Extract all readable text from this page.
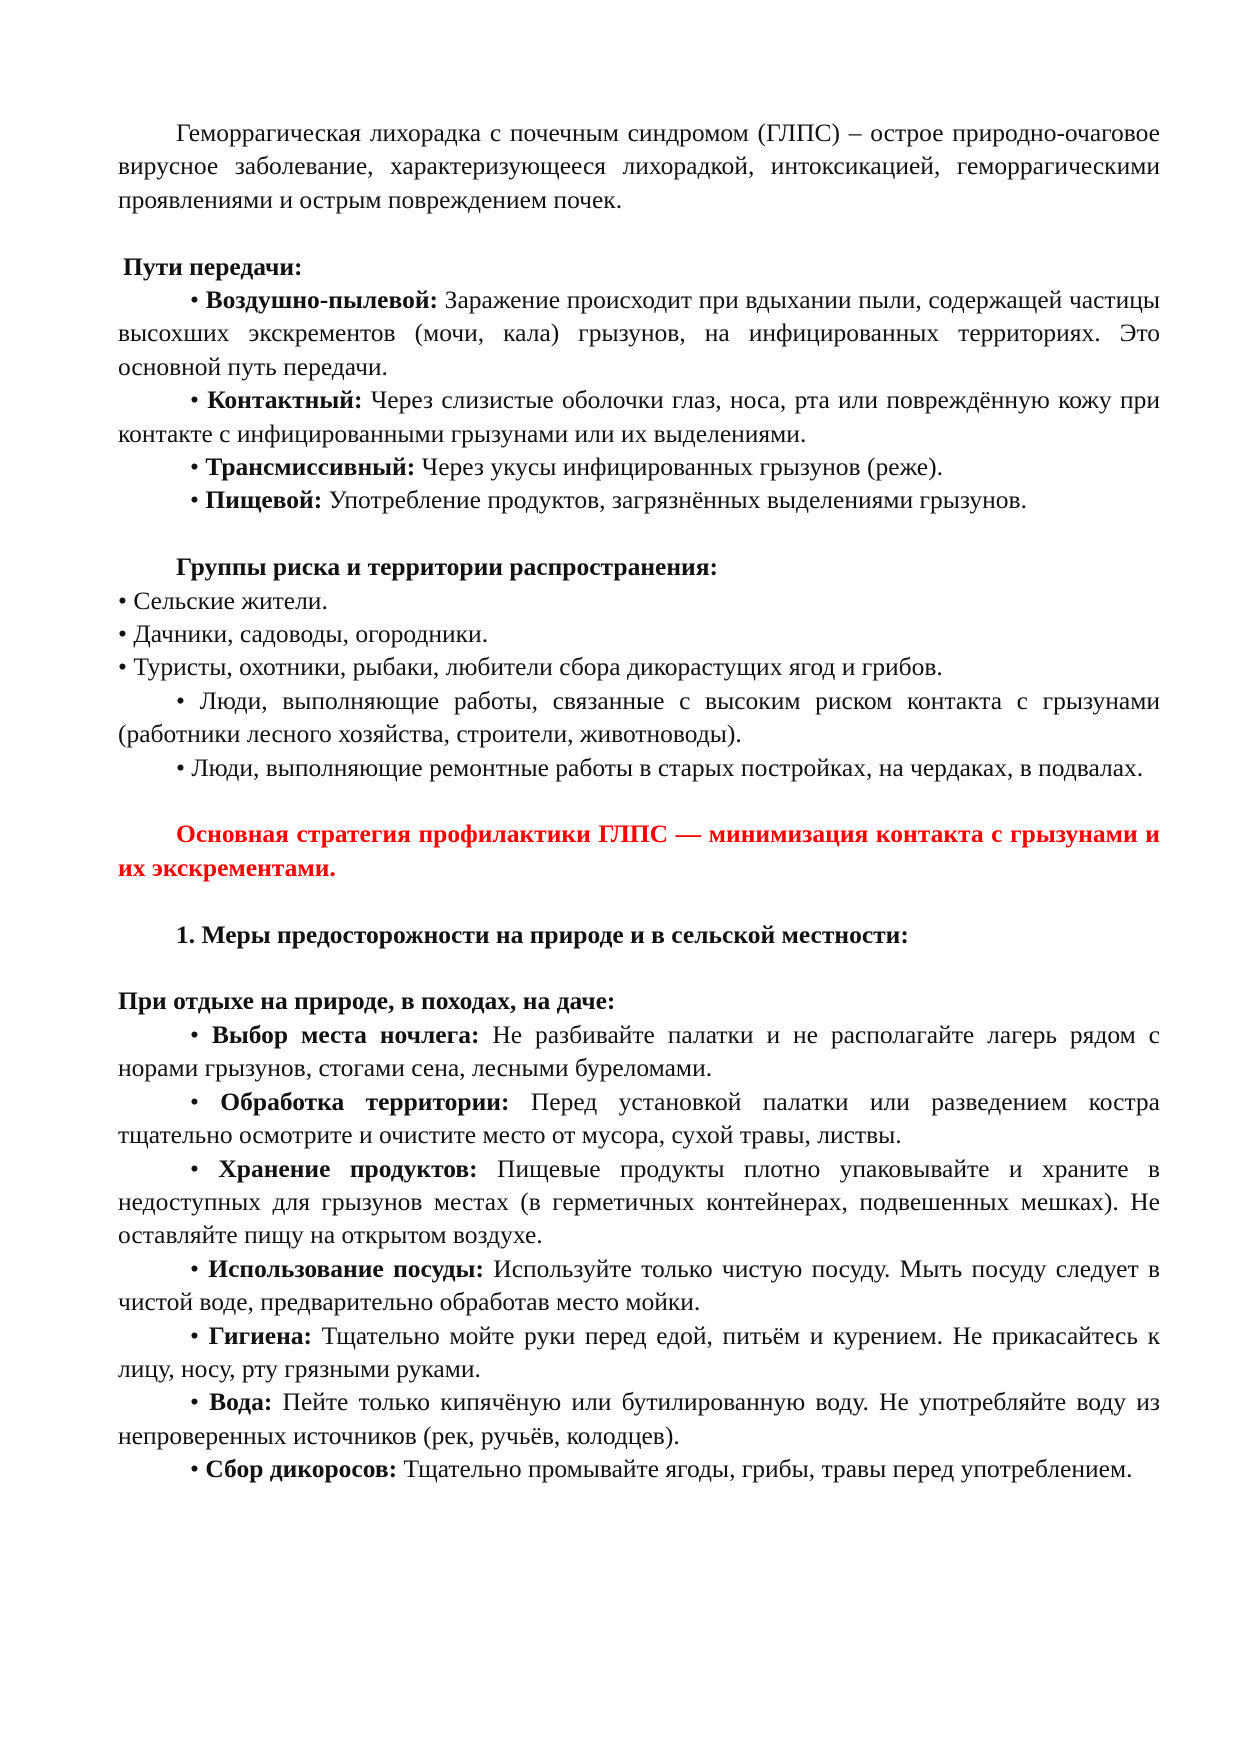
Геморрагическая лихорадка с почечным синдромом (ГЛПС) – острое природно-очаговое вирусное заболевание, характеризующееся лихорадкой, интоксикацией, геморрагическими проявлениями и острым повреждением почек.

Пути передачи:

• Воздушно-пылевой: Заражение происходит при вдыхании пыли, содержащей частицы высохших экскрементов (мочи, кала) грызунов, на инфицированных территориях. Это основной путь передачи.

• Контактный: Через слизистые оболочки глаз, носа, рта или повреждённую кожу при контакте с инфицированными грызунами или их выделениями.

• Трансмиссивный: Через укусы инфицированных грызунов (реже).

• Пищевой: Употребление продуктов, загрязнённых выделениями грызунов.

Группы риска и территории распространения:

• Сельские жители.

• Дачники, садоводы, огородники.

• Туристы, охотники, рыбаки, любители сбора дикорастущих ягод и грибов.

• Люди, выполняющие работы, связанные с высоким риском контакта с грызунами (работники лесного хозяйства, строители, животноводы).

• Люди, выполняющие ремонтные работы в старых постройках, на чердаках, в подвалах.

Основная стратегия профилактики ГЛПС — минимизация контакта с грызунами и их экскрементами.

1. Меры предосторожности на природе и в сельской местности:

При отдыхе на природе, в походах, на даче:

• Выбор места ночлега: Не разбивайте палатки и не располагайте лагерь рядом с норами грызунов, стогами сена, лесными буреломами.

• Обработка территории: Перед установкой палатки или разведением костра тщательно осмотрите и очистите место от мусора, сухой травы, листвы.

• Хранение продуктов: Пищевые продукты плотно упаковывайте и храните в недоступных для грызунов местах (в герметичных контейнерах, подвешенных мешках). Не оставляйте пищу на открытом воздухе.

• Использование посуды: Используйте только чистую посуду. Мыть посуду следует в чистой воде, предварительно обработав место мойки.

• Гигиена: Тщательно мойте руки перед едой, питьём и курением. Не прикасайтесь к лицу, носу, рту грязными руками.

• Вода: Пейте только кипячёную или бутилированную воду. Не употребляйте воду из непроверенных источников (рек, ручьёв, колодцев).

• Сбор дикоросов: Тщательно промывайте ягоды, грибы, травы перед употреблением.
